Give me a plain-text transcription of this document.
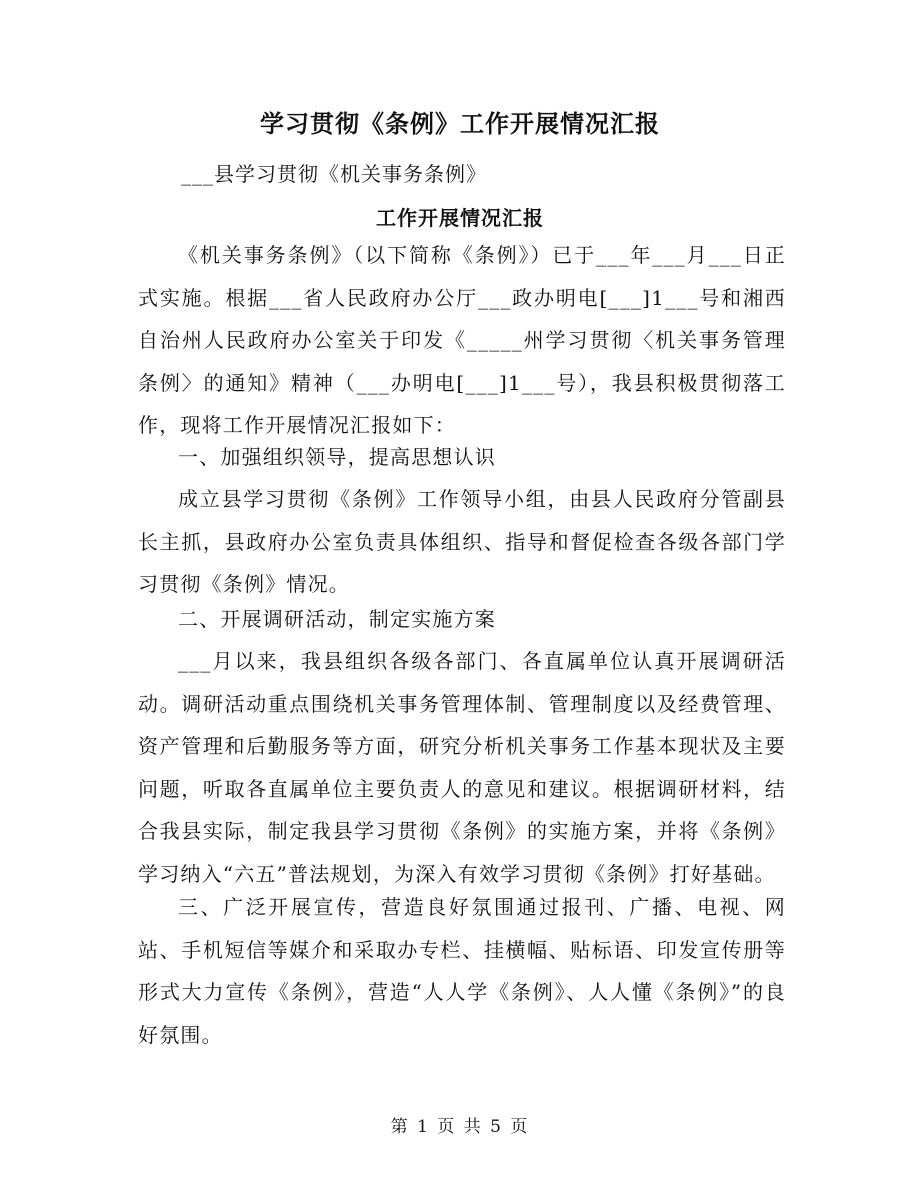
学习贯彻《条例》工作开展情况汇报
___县学习贯彻《机关事务条例》
工作开展情况汇报
《机关事务条例》（以下简称《条例》）已于___年___月___日正式实施。根据___省人民政府办公厅___政办明电[___]1___号和湘西自治州人民政府办公室关于印发《_____州学习贯彻〈机关事务管理条例〉的通知》精神（___办明电[___]1___号），我县积极贯彻落工作，现将工作开展情况汇报如下：
一、加强组织领导，提高思想认识
成立县学习贯彻《条例》工作领导小组，由县人民政府分管副县长主抓，县政府办公室负责具体组织、指导和督促检查各级各部门学习贯彻《条例》情况。
二、开展调研活动，制定实施方案
___月以来，我县组织各级各部门、各直属单位认真开展调研活动。调研活动重点围绕机关事务管理体制、管理制度以及经费管理、资产管理和后勤服务等方面，研究分析机关事务工作基本现状及主要问题，听取各直属单位主要负责人的意见和建议。根据调研材料，结合我县实际，制定我县学习贯彻《条例》的实施方案，并将《条例》学习纳入“六五”普法规划，为深入有效学习贯彻《条例》打好基础。
三、广泛开展宣传，营造良好氛围通过报刊、广播、电视、网站、手机短信等媒介和采取办专栏、挂横幅、贴标语、印发宣传册等形式大力宣传《条例》，营造“人人学《条例》、人人懂《条例》”的良好氛围。
第 1 页 共 5 页
